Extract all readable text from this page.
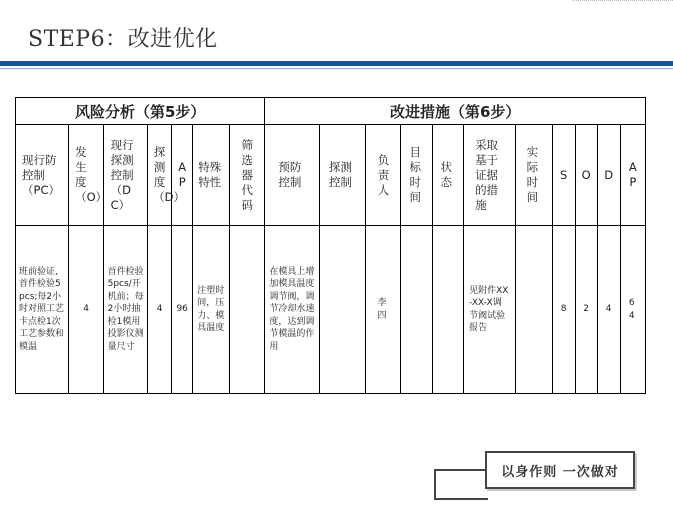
STEP6：改进优化
风险分析（第5步）							改进措施（第6步）										
现行防控制（PC）	发生度（O）	现行探测控制（DC）	探测度（D）	AP	特殊特性	筛选器代码	预防控制	探测控制	负责人	目标时间	状态	采取基于证据的措施	实际时间	S	O	D	AP
班前验证，首件检验5pcs;每2小时对照工艺卡点检1次工艺参数和模温	4	首件检验5pcs/开机前；每2小时抽检1模用投影仪测量尺寸	4	96	注塑时间，压力、模具温度		在模具上增加模具温度调节阀，调节冷却水速度，达到调节模温的作用		李四			见附件XX-XX-X调节阀试验报告		8	2	4	64
以身作则 一次做对
